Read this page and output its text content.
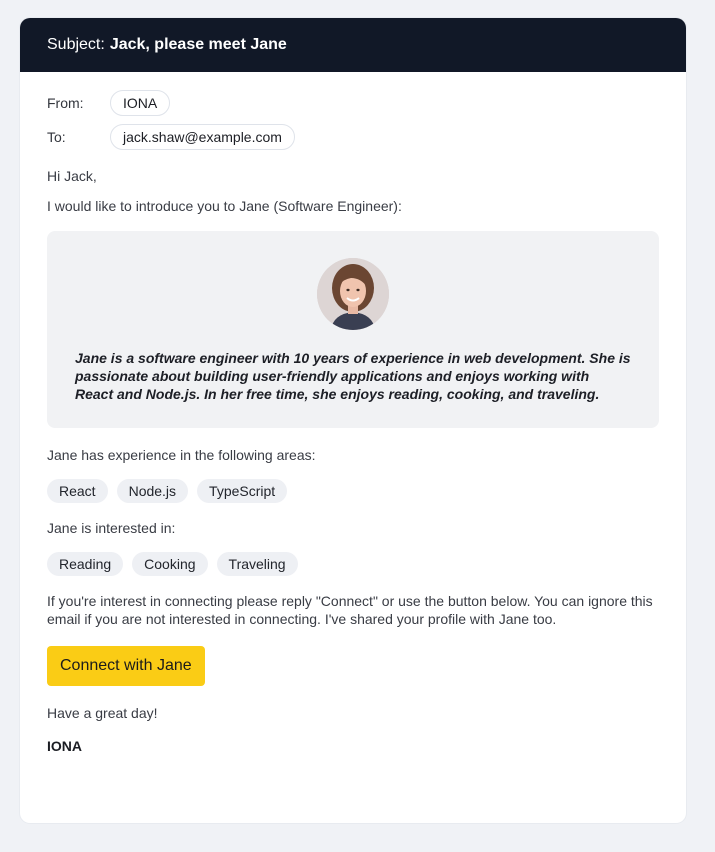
Subject: Jack, please meet Jane
From:	IONA
To:	jack.shaw@example.com
Hi Jack,
I would like to introduce you to Jane (Software Engineer):
Jane is a software engineer with 10 years of experience in web development. She is passionate about building user-friendly applications and enjoys working with React and Node.js. In her free time, she enjoys reading, cooking, and traveling.
Jane has experience in the following areas:
React	Node.js	TypeScript
Jane is interested in:
Reading	Cooking	Traveling
If you're interest in connecting please reply "Connect" or use the button below. You can ignore this email if you are not interested in connecting. I've shared your profile with Jane too.
Connect with Jane
Have a great day!
IONA
